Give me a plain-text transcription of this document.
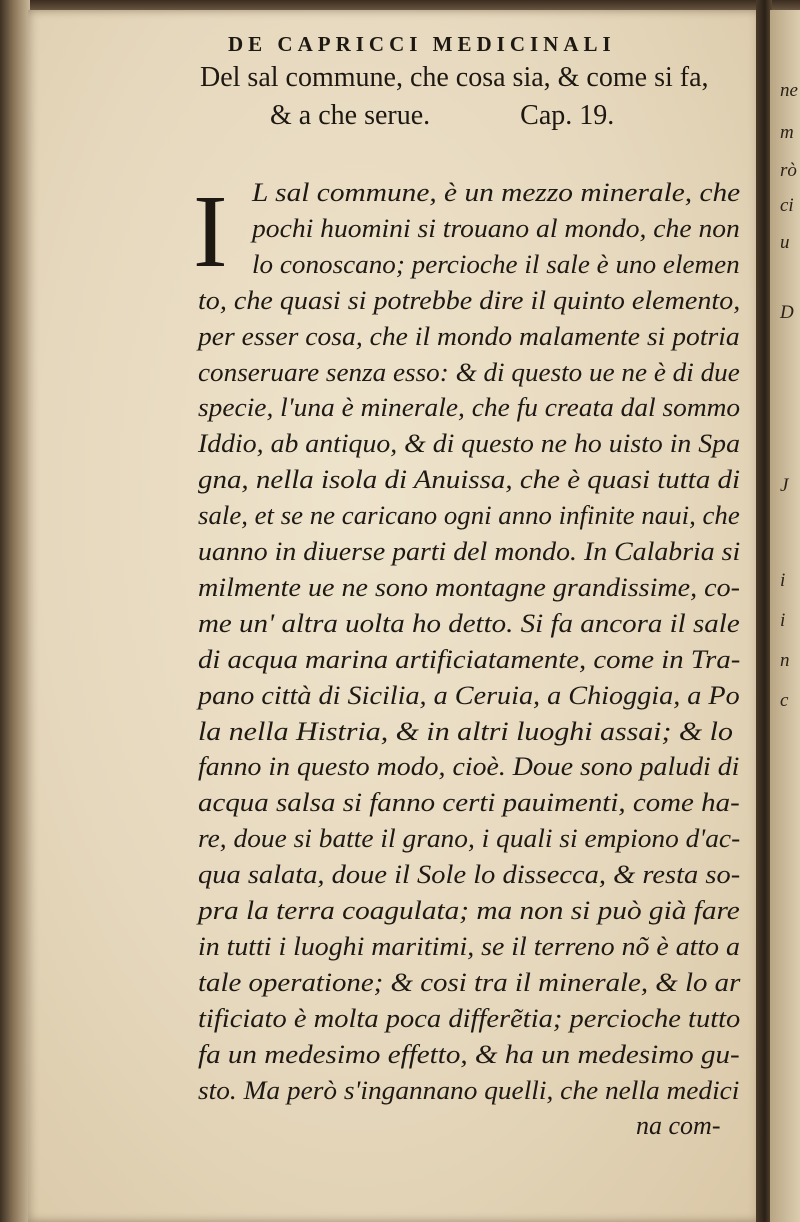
DE CAPRICCI MEDICINALI
Del sal commune, che cosa sia, & come si fa,
& a che serue.	Cap. 19.
I L sal commune, è un mezzo minerale, che
pochi huomini si trouano al mondo, che non
lo conoscano; percioche il sale è uno elemen
to, che quasi si potrebbe dire il quinto elemento,
per esser cosa, che il mondo malamente si potria
conseruare senza esso: & di questo ue ne è di due
specie, l'una è minerale, che fu creata dal sommo
Iddio, ab antiquo, & di questo ne ho uisto in Spa
gna, nella isola di Anuissa, che è quasi tutta di
sale, et se ne caricano ogni anno infinite naui, che
uanno in diuerse parti del mondo. In Calabria si
milmente ue ne sono montagne grandissime, co-
me un' altra uolta ho detto. Si fa ancora il sale
di acqua marina artificiatamente, come in Tra-
pano città di Sicilia, a Ceruia, a Chioggia, a Po
la nella Histria, & in altri luoghi assai; & lo
fanno in questo modo, cioè. Doue sono paludi di
acqua salsa si fanno certi pauimenti, come ha-
re, doue si batte il grano, i quali si empiono d'ac-
qua salata, doue il Sole lo dissecca, & resta so-
pra la terra coagulata; ma non si può già fare
in tutti i luoghi maritimi, se il terreno nõ è atto a
tale operatione; & cosi tra il minerale, & lo ar
tificiato è molta poca differẽtia; percioche tutto
fa un medesimo effetto, & ha un medesimo gu-
sto. Ma però s'ingannano quelli, che nella medici
na com-
ne
m
rò
ci
u
D
J
i
i
n
c
